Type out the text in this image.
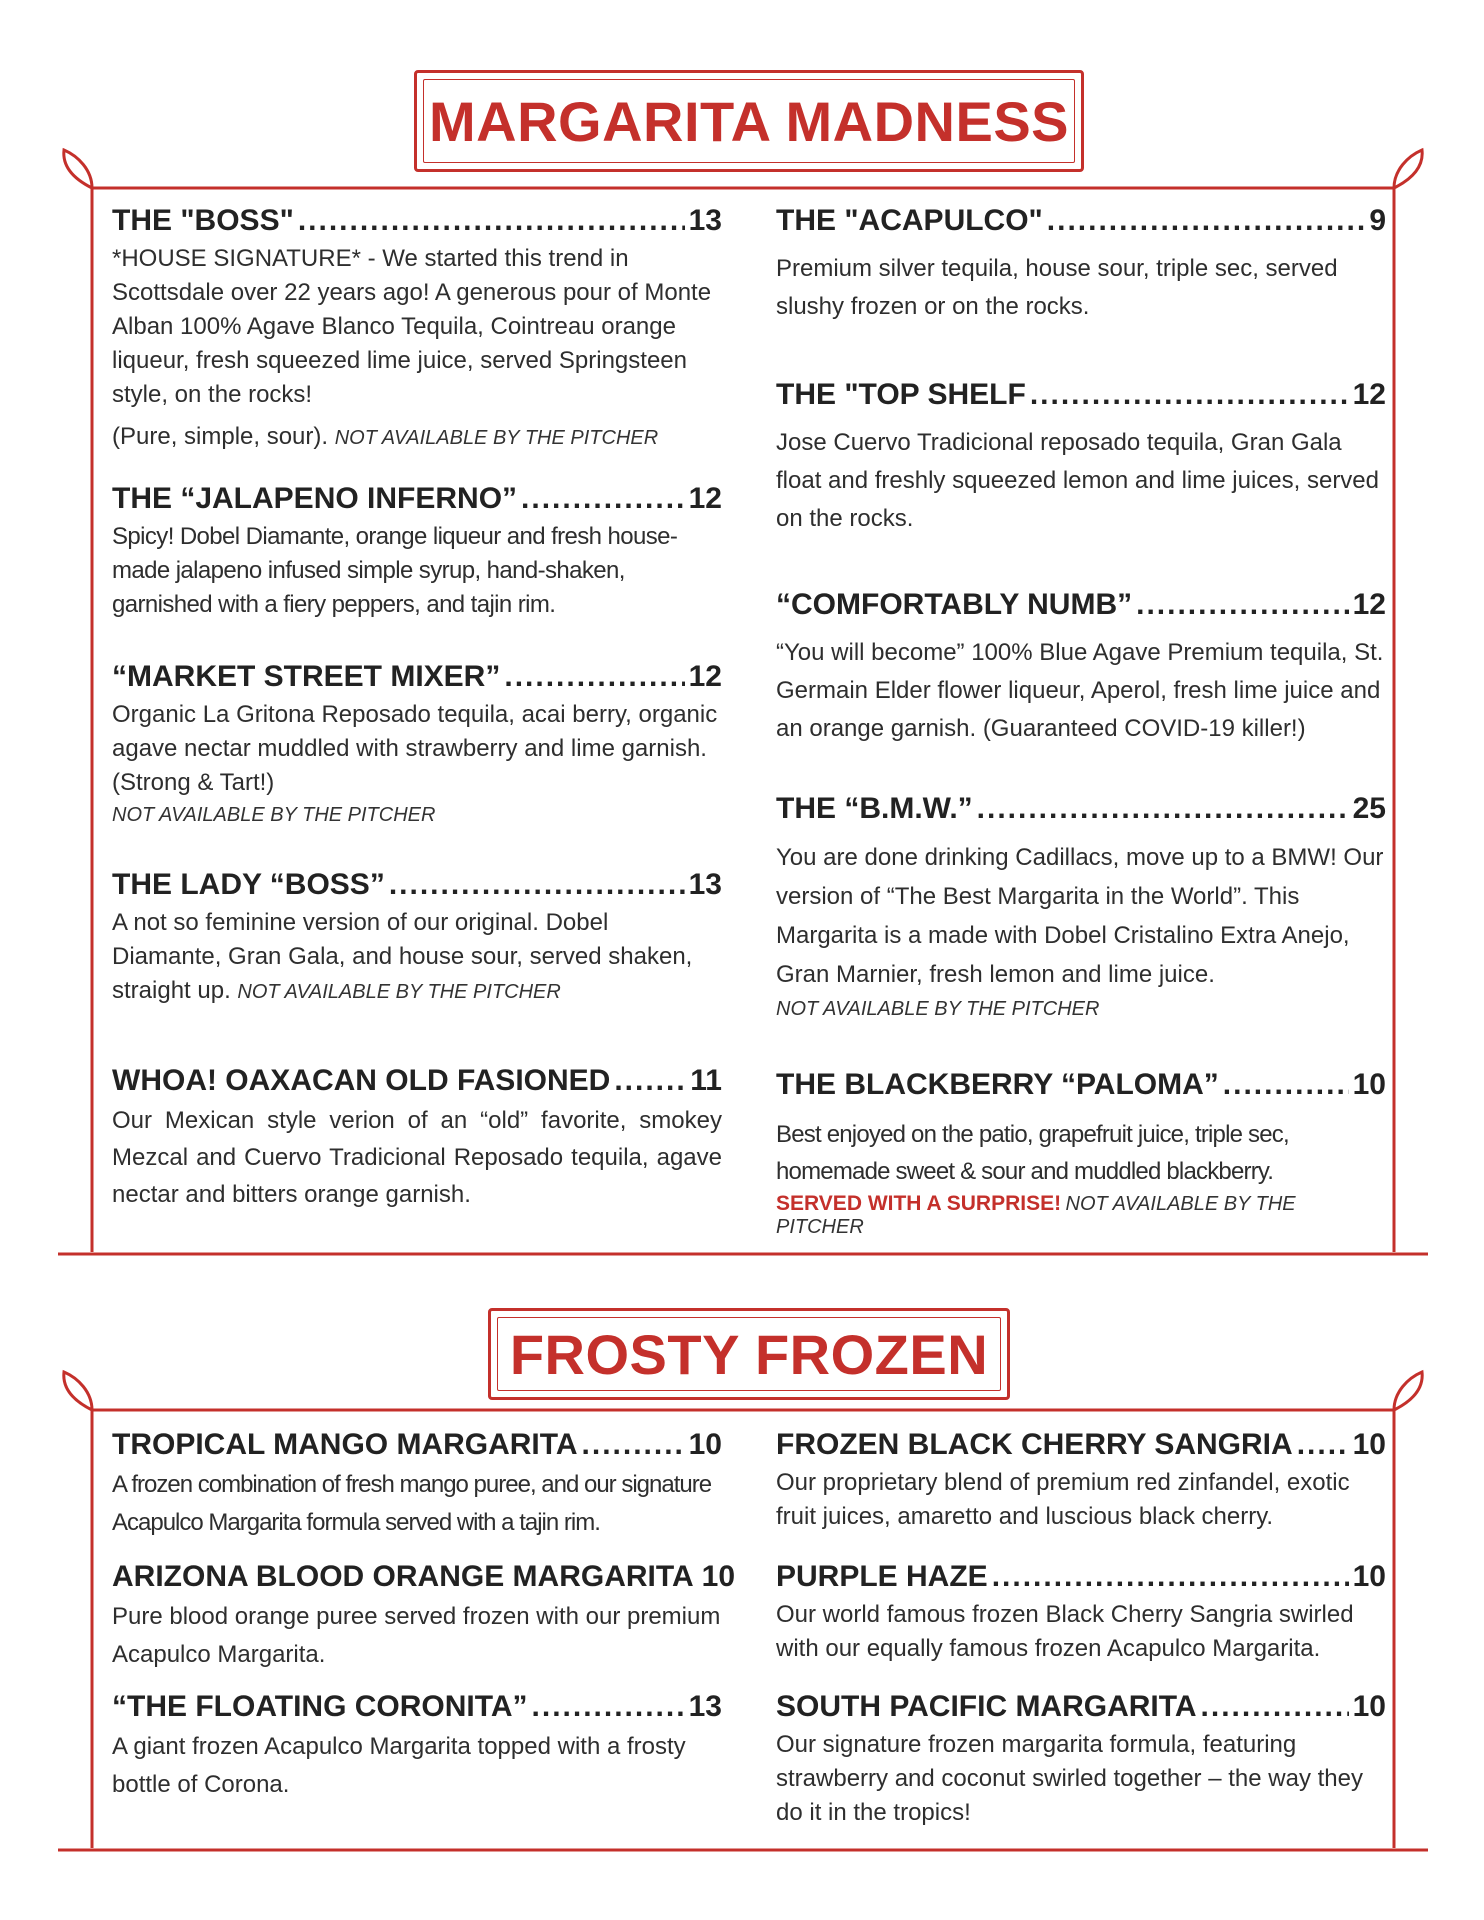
MARGARITA MADNESS
THE "BOSS" .....	13
*HOUSE SIGNATURE* - We started this trend in Scottsdale over 22 years ago! A generous pour of Monte Alban 100% Agave Blanco Tequila, Cointreau orange liqueur, fresh squeezed lime juice, served Springsteen style, on the rocks!
(Pure, simple, sour). NOT AVAILABLE BY THE PITCHER
THE “JALAPENO INFERNO” .....	12
Spicy! Dobel Diamante, orange liqueur and fresh house-made jalapeno infused simple syrup, hand-shaken, garnished with a fiery peppers, and tajin rim.
“MARKET STREET MIXER” .....	12
Organic La Gritona Reposado tequila, acai berry, organic agave nectar muddled with strawberry and lime garnish. (Strong & Tart!)
NOT AVAILABLE BY THE PITCHER
THE LADY “BOSS” .....	13
A not so feminine version of our original. Dobel Diamante, Gran Gala, and house sour, served shaken, straight up. NOT AVAILABLE BY THE PITCHER
WHOA! OAXACAN OLD FASIONED .....	11
Our Mexican style verion of an “old” favorite, smokey Mezcal and Cuervo Tradicional Reposado tequila, agave nectar and bitters orange garnish.
THE "ACAPULCO" .....	9
Premium silver tequila, house sour, triple sec, served slushy frozen or on the rocks.
THE "TOP SHELF .....	12
Jose Cuervo Tradicional reposado tequila, Gran Gala float and freshly squeezed lemon and lime juices, served on the rocks.
“COMFORTABLY NUMB” .....	12
“You will become” 100% Blue Agave Premium tequila, St. Germain Elder flower liqueur, Aperol, fresh lime juice and an orange garnish. (Guaranteed COVID-19 killer!)
THE “B.M.W.” .....	25
You are done drinking Cadillacs, move up to a BMW! Our version of “The Best Margarita in the World”. This Margarita is a made with Dobel Cristalino Extra Anejo, Gran Marnier, fresh lemon and lime juice.
NOT AVAILABLE BY THE PITCHER
THE BLACKBERRY “PALOMA” .....	10
Best enjoyed on the patio, grapefruit juice, triple sec, homemade sweet & sour and muddled blackberry.
SERVED WITH A SURPRISE! NOT AVAILABLE BY THE PITCHER
FROSTY FROZEN
TROPICAL MANGO MARGARITA .....	10
A frozen combination of fresh mango puree, and our signature Acapulco Margarita formula served with a tajin rim.
ARIZONA BLOOD ORANGE MARGARITA 10
Pure blood orange puree served frozen with our premium Acapulco Margarita.
“THE FLOATING CORONITA” .....	13
A giant frozen Acapulco Margarita topped with a frosty bottle of Corona.
FROZEN BLACK CHERRY SANGRIA ..... 10
Our proprietary blend of premium red zinfandel, exotic fruit juices, amaretto and luscious black cherry.
PURPLE HAZE .....	10
Our world famous frozen Black Cherry Sangria swirled with our equally famous frozen Acapulco Margarita.
SOUTH PACIFIC MARGARITA .....	10
Our signature frozen margarita formula, featuring strawberry and coconut swirled together – the way they do it in the tropics!
